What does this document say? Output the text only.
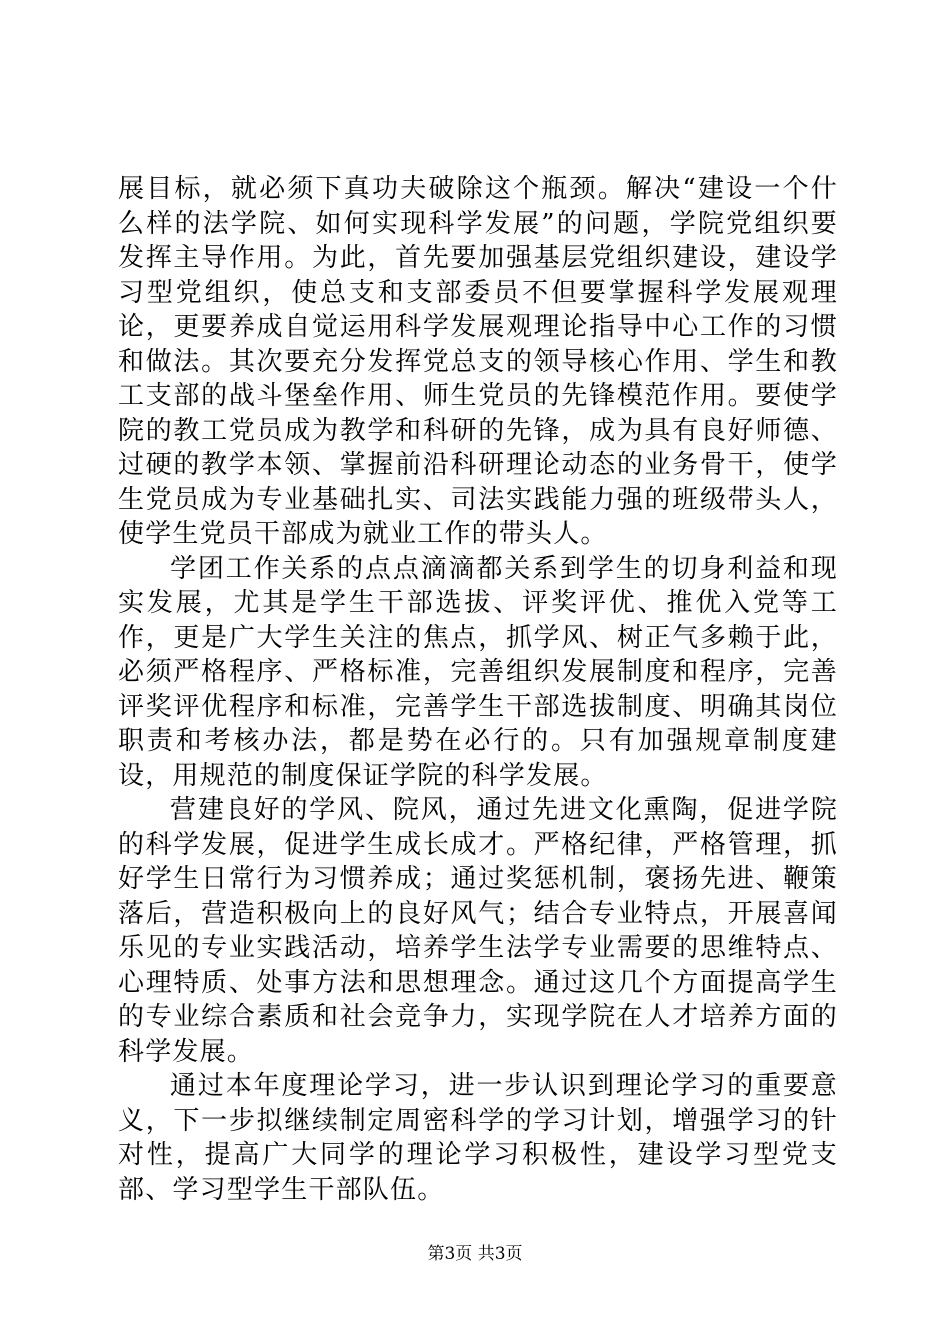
展目标，就必须下真功夫破除这个瓶颈。解决“建设一个什么样的法学院、如何实现科学发展”的问题，学院党组织要发挥主导作用。为此，首先要加强基层党组织建设，建设学习型党组织，使总支和支部委员不但要掌握科学发展观理论，更要养成自觉运用科学发展观理论指导中心工作的习惯和做法。其次要充分发挥党总支的领导核心作用、学生和教工支部的战斗堡垒作用、师生党员的先锋模范作用。要使学院的教工党员成为教学和科研的先锋，成为具有良好师德、过硬的教学本领、掌握前沿科研理论动态的业务骨干，使学生党员成为专业基础扎实、司法实践能力强的班级带头人，使学生党员干部成为就业工作的带头人。

学团工作关系的点点滴滴都关系到学生的切身利益和现实发展，尤其是学生干部选拔、评奖评优、推优入党等工作，更是广大学生关注的焦点，抓学风、树正气多赖于此，必须严格程序、严格标准，完善组织发展制度和程序，完善评奖评优程序和标准，完善学生干部选拔制度、明确其岗位职责和考核办法，都是势在必行的。只有加强规章制度建设，用规范的制度保证学院的科学发展。

营建良好的学风、院风，通过先进文化熏陶，促进学院的科学发展，促进学生成长成才。严格纪律，严格管理，抓好学生日常行为习惯养成；通过奖惩机制，褒扬先进、鞭策落后，营造积极向上的良好风气；结合专业特点，开展喜闻乐见的专业实践活动，培养学生法学专业需要的思维特点、心理特质、处事方法和思想理念。通过这几个方面提高学生的专业综合素质和社会竞争力，实现学院在人才培养方面的科学发展。

通过本年度理论学习，进一步认识到理论学习的重要意义，下一步拟继续制定周密科学的学习计划，增强学习的针对性，提高广大同学的理论学习积极性，建设学习型党支部、学习型学生干部队伍。

第3页 共3页
